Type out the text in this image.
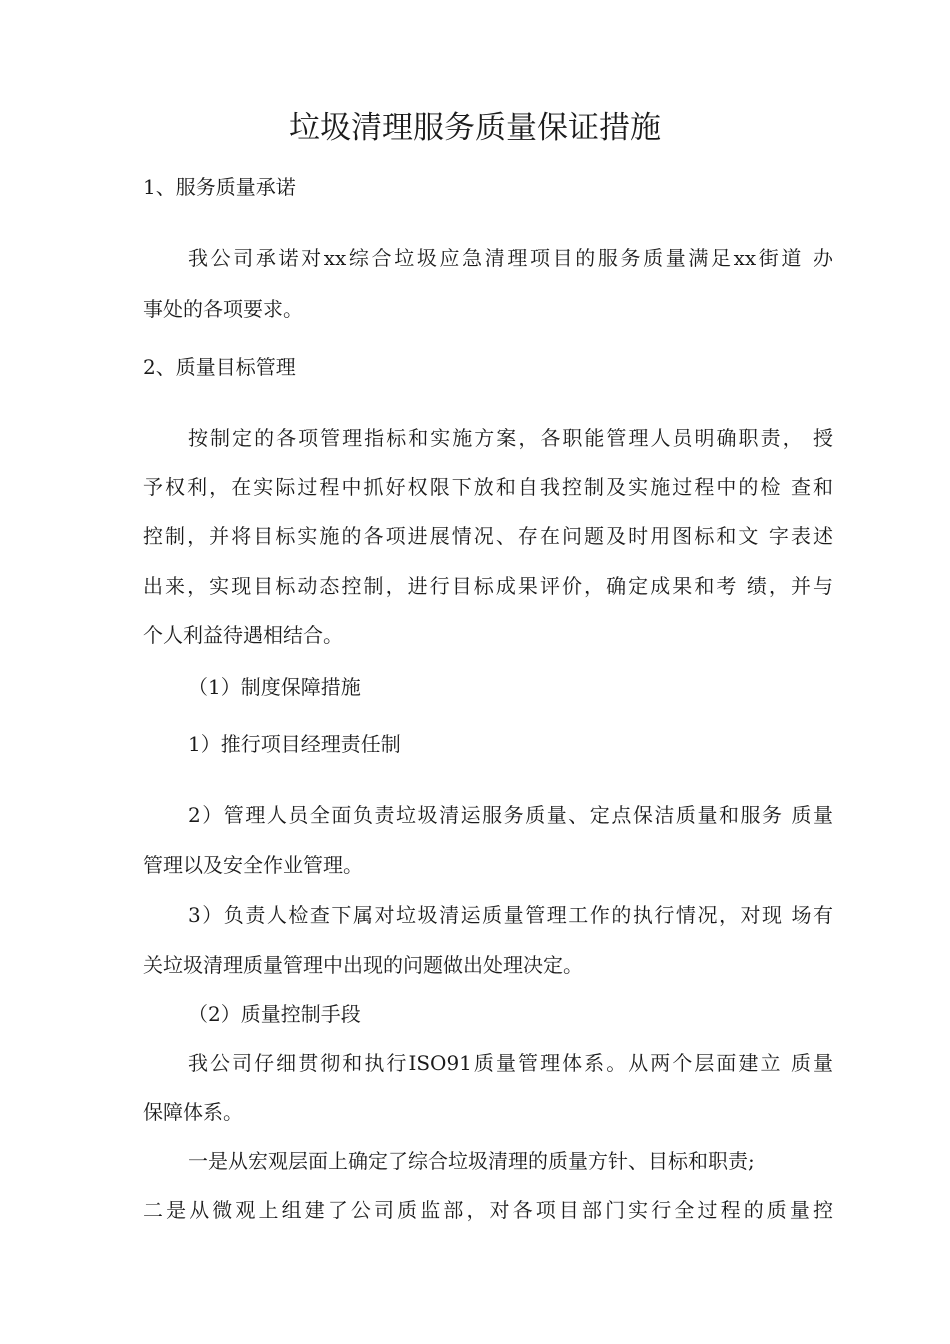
垃圾清理服务质量保证措施

1、服务质量承诺

我公司承诺对xx综合垃圾应急清理项目的服务质量满足xx街道 办

事处的各项要求。

2、质量目标管理

按制定的各项管理指标和实施方案，各职能管理人员明确职责， 授

予权利，在实际过程中抓好权限下放和自我控制及实施过程中的检 查和

控制，并将目标实施的各项进展情况、存在问题及时用图标和文 字表述

出来，实现目标动态控制，进行目标成果评价，确定成果和考 绩，并与

个人利益待遇相结合。

（1）制度保障措施

1）推行项目经理责任制

2）管理人员全面负责垃圾清运服务质量、定点保洁质量和服务 质量

管理以及安全作业管理。

3）负责人检查下属对垃圾清运质量管理工作的执行情况，对现 场有

关垃圾清理质量管理中出现的问题做出处理决定。

（2）质量控制手段

我公司仔细贯彻和执行ISO91质量管理体系。从两个层面建立 质量

保障体系。

一是从宏观层面上确定了综合垃圾清理的质量方针、目标和职责;

二是从微观上组建了公司质监部，对各项目部门实行全过程的质量控
